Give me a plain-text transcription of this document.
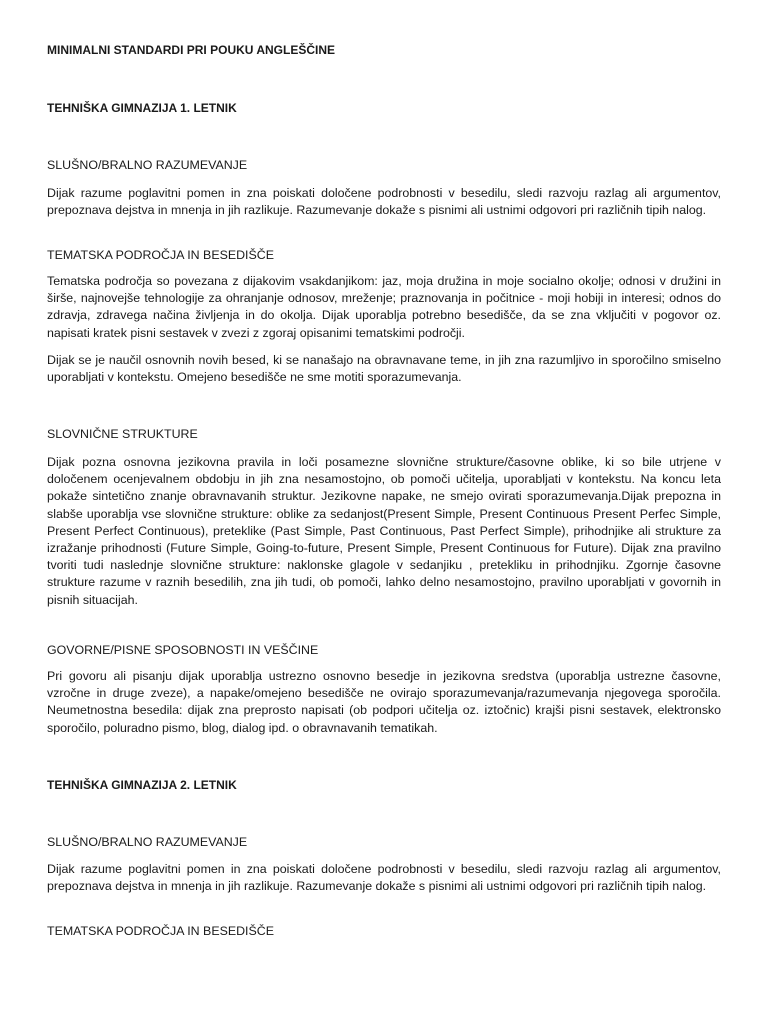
MINIMALNI STANDARDI PRI POUKU ANGLEŠČINE
TEHNIŠKA GIMNAZIJA 1. LETNIK
SLUŠNO/BRALNO RAZUMEVANJE

Dijak razume poglavitni pomen in zna poiskati določene podrobnosti v besedilu, sledi razvoju razlag ali argumentov, prepoznava dejstva in mnenja in jih razlikuje. Razumevanje dokaže s pisnimi ali ustnimi odgovori pri različnih tipih nalog.

TEMATSKA PODROČJA IN BESEDIŠČE

Tematska področja so povezana z dijakovim vsakdanjikom: jaz, moja družina in moje socialno okolje; odnosi v družini in širše, najnovejše tehnologije za ohranjanje odnosov, mreženje; praznovanja in počitnice - moji hobiji in interesi; odnos do zdravja, zdravega načina življenja in do okolja. Dijak uporablja potrebno besedišče, da se zna vključiti v pogovor oz. napisati kratek pisni sestavek v zvezi z zgoraj opisanimi tematskimi področji.

Dijak se je naučil osnovnih novih besed, ki se nanašajo na obravnavane teme, in jih zna razumljivo in sporočilno smiselno uporabljati v kontekstu. Omejeno besedišče ne sme motiti sporazumevanja.

SLOVNIČNE STRUKTURE

Dijak pozna osnovna jezikovna pravila in loči posamezne slovnične strukture/časovne oblike, ki so bile utrjene v določenem ocenjevalnem obdobju in jih zna nesamostojno, ob pomoči učitelja, uporabljati v kontekstu. Na koncu leta pokaže sintetično znanje obravnavanih struktur. Jezikovne napake, ne smejo ovirati sporazumevanja.Dijak prepozna in slabše uporablja vse slovnične strukture: oblike za sedanjost(Present Simple, Present Continuous Present Perfec Simple, Present Perfect Continuous), preteklike (Past Simple, Past Continuous, Past Perfect Simple), prihodnjike ali strukture za izražanje prihodnosti (Future Simple, Going-to-future, Present Simple, Present Continuous for Future). Dijak zna pravilno tvoriti tudi naslednje slovnične strukture: naklonske glagole v sedanjiku , pretekliku in prihodnjiku. Zgornje časovne strukture razume v raznih besedilih, zna jih tudi, ob pomoči, lahko delno nesamostojno, pravilno uporabljati v govornih in pisnih situacijah.

GOVORNE/PISNE SPOSOBNOSTI IN VEŠČINE

Pri govoru ali pisanju dijak uporablja ustrezno osnovno besedje in jezikovna sredstva (uporablja ustrezne časovne, vzročne in druge zveze), a napake/omejeno besedišče ne ovirajo sporazumevanja/razumevanja njegovega sporočila. Neumetnostna besedila: dijak zna preprosto napisati (ob podpori učitelja oz. iztočnic) krajši pisni sestavek, elektronsko sporočilo, poluradno pismo, blog, dialog ipd. o obravnavanih tematikah.

TEHNIŠKA GIMNAZIJA 2. LETNIK
SLUŠNO/BRALNO RAZUMEVANJE

Dijak razume poglavitni pomen in zna poiskati določene podrobnosti v besedilu, sledi razvoju razlag ali argumentov, prepoznava dejstva in mnenja in jih razlikuje. Razumevanje dokaže s pisnimi ali ustnimi odgovori pri različnih tipih nalog.

TEMATSKA PODROČJA IN BESEDIŠČE
